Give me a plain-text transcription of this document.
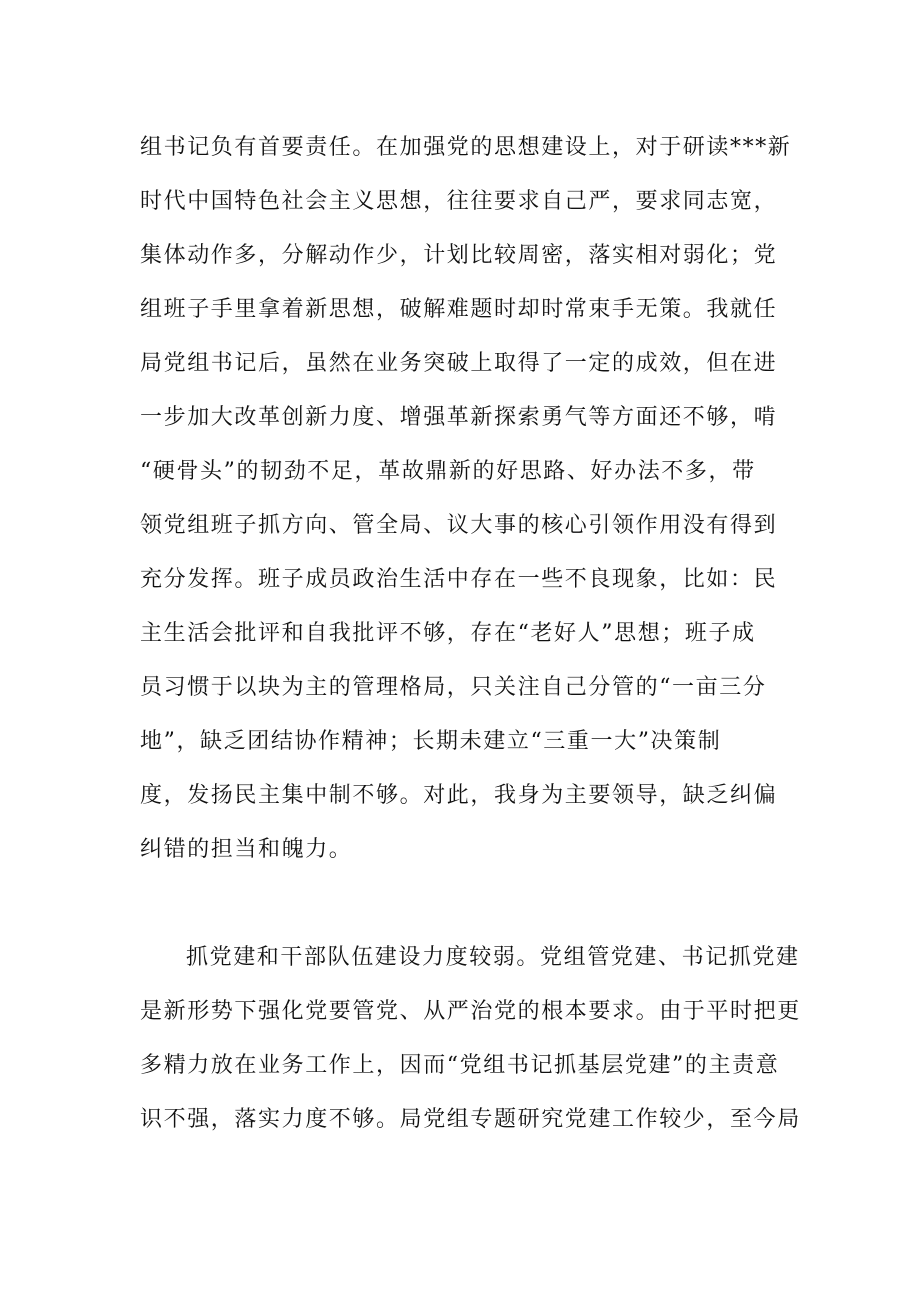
组书记负有首要责任。在加强党的思想建设上，对于研读***新
时代中国特色社会主义思想，往往要求自己严，要求同志宽，
集体动作多，分解动作少，计划比较周密，落实相对弱化；党
组班子手里拿着新思想，破解难题时却时常束手无策。我就任
局党组书记后，虽然在业务突破上取得了一定的成效，但在进
一步加大改革创新力度、增强革新探索勇气等方面还不够，啃
“硬骨头”的韧劲不足，革故鼎新的好思路、好办法不多，带
领党组班子抓方向、管全局、议大事的核心引领作用没有得到
充分发挥。班子成员政治生活中存在一些不良现象，比如：民
主生活会批评和自我批评不够，存在“老好人”思想；班子成
员习惯于以块为主的管理格局，只关注自己分管的“一亩三分
地”，缺乏团结协作精神；长期未建立“三重一大”决策制
度，发扬民主集中制不够。对此，我身为主要领导，缺乏纠偏
纠错的担当和魄力。
抓党建和干部队伍建设力度较弱。党组管党建、书记抓党建
是新形势下强化党要管党、从严治党的根本要求。由于平时把更
多精力放在业务工作上，因而“党组书记抓基层党建”的主责意
识不强，落实力度不够。局党组专题研究党建工作较少，至今局
